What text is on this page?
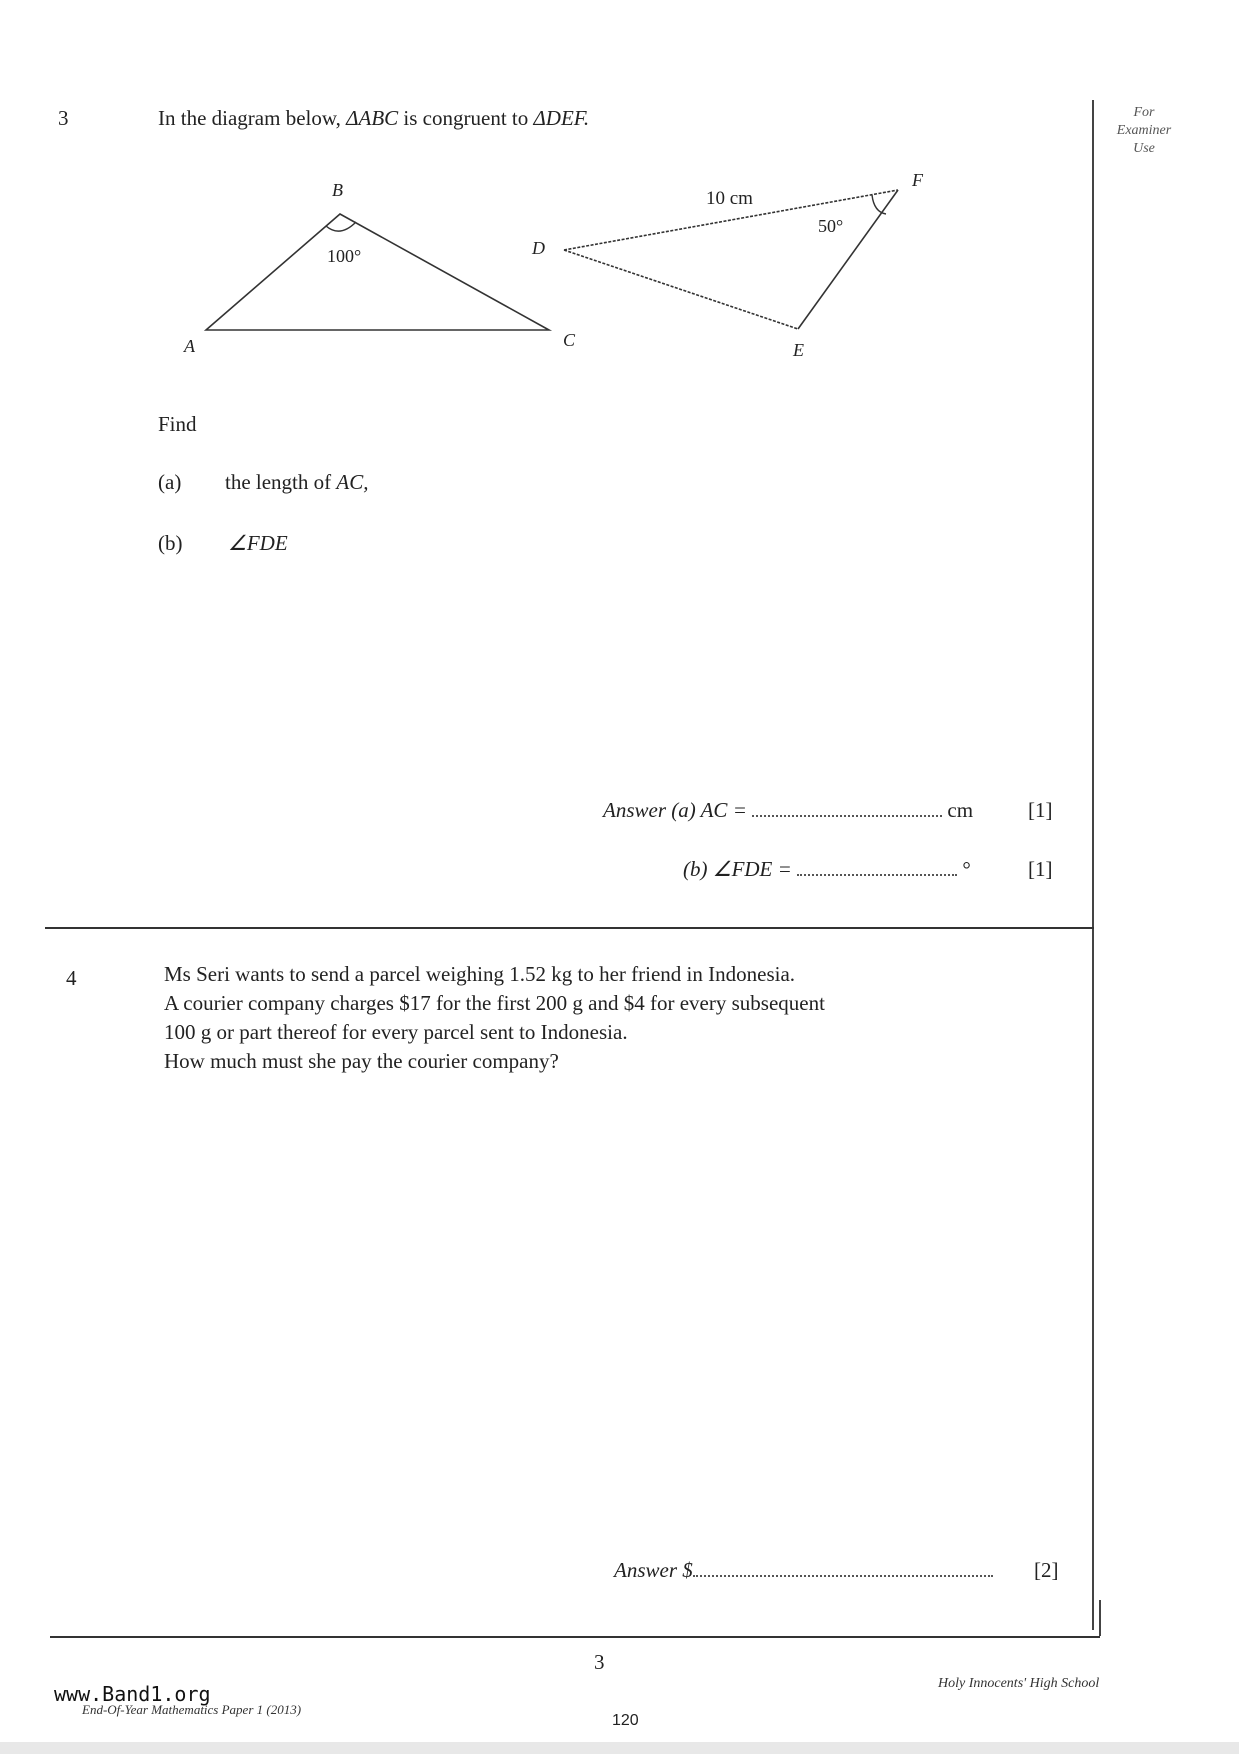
For
Examiner
Use
3	In the diagram below, ΔABC is congruent to ΔDEF.
B
A	C
100°	D
F
E
10 cm
50°
Find
(a) the length of AC,
(b) ∠FDE
Answer (a) AC =	cm	[1]
(b) ∠FDE =	°	[1]
4	Ms Seri wants to send a parcel weighing 1.52 kg to her friend in Indonesia.
A courier company charges $17 for the first 200 g and $4 for every subsequent
100 g or part thereof for every parcel sent to Indonesia.
How much must she pay the courier company?
Answer $	[2]
3
www.Band1.org
End-Of-Year Mathematics Paper 1 (2013)
Holy Innocents' High School
120
